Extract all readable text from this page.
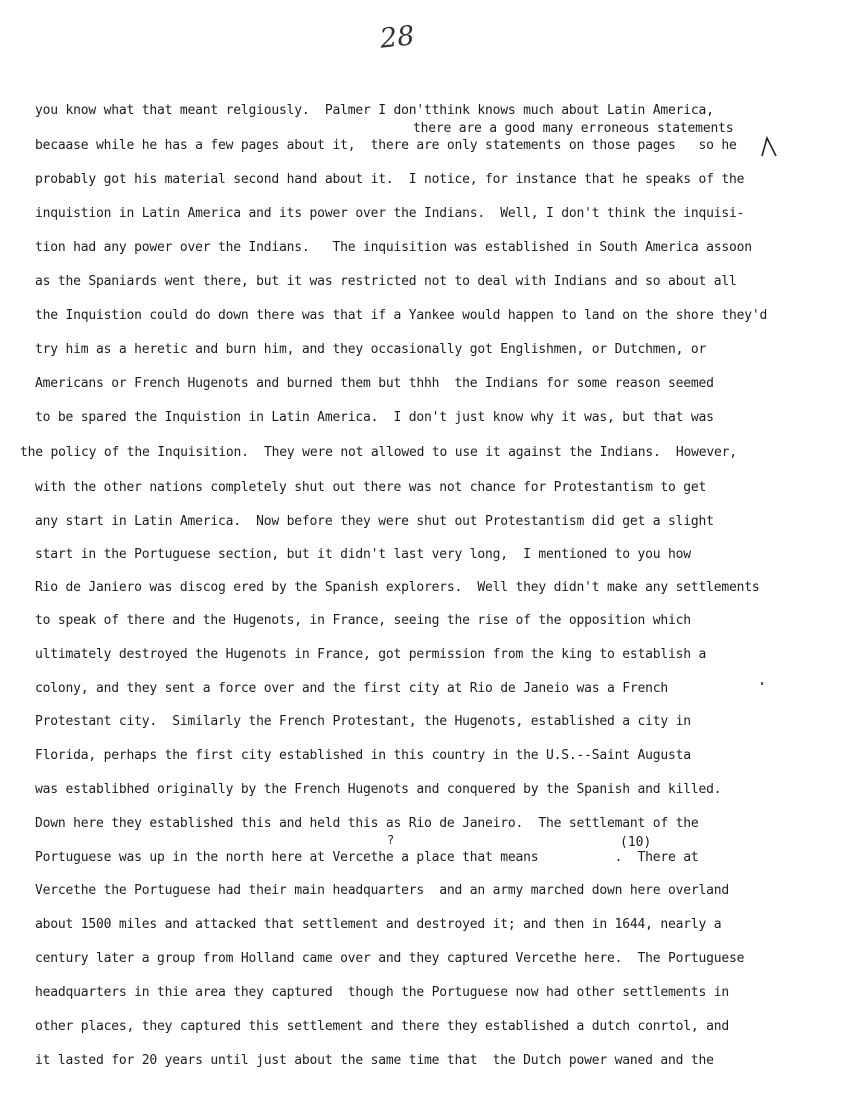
28
there are a good many erroneous statements
you know what that meant relgiously.  Palmer I don'tthink knows much about Latin America,
becaase while he has a few pages about it,  there are only statements on those pages   so he
probably got his material second hand about it.  I notice, for instance that he speaks of the
inquistion in Latin America and its power over the Indians.  Well, I don't think the inquisi-
tion had any power over the Indians.   The inquisition was established in South America assoon
as the Spaniards went there, but it was restricted not to deal with Indians and so about all
the Inquistion could do down there was that if a Yankee would happen to land on the shore they'd
try him as a heretic and burn him, and they occasionally got Englishmen, or Dutchmen, or
Americans or French Hugenots and burned them but thhh  the Indians for some reason seemed
to be spared the Inquistion in Latin America.  I don't just know why it was, but that was
the policy of the Inquisition.  They were not allowed to use it against the Indians.  However,
with the other nations completely shut out there was not chance for Protestantism to get
any start in Latin America.  Now before they were shut out Protestantism did get a slight
start in the Portuguese section, but it didn't last very long,  I mentioned to you how
Rio de Janiero was discog ered by the Spanish explorers.  Well they didn't make any settlements
to speak of there and the Hugenots, in France, seeing the rise of the opposition which
ultimately destroyed the Hugenots in France, got permission from the king to establish a
colony, and they sent a force over and the first city at Rio de Janeio was a French
Protestant city.  Similarly the French Protestant, the Hugenots, established a city in
Florida, perhaps the first city established in this country in the U.S.--Saint Augusta
was establibhed originally by the French Hugenots and conquered by the Spanish and killed.
Down here they established this and held this as Rio de Janeiro.  The settlemant of the
Portuguese was up in the north here at Vercethe a place that means          .  There at
Vercethe the Portuguese had their main headquarters  and an army marched down here overland
about 1500 miles and attacked that settlement and destroyed it; and then in 1644, nearly a
century later a group from Holland came over and they captured Vercethe here.  The Portuguese
headquarters in thie area they captured  though the Portuguese now had other settlements in
other places, they captured this settlement and there they established a dutch conrtol, and
it lasted for 20 years until just about the same time that  the Dutch power waned and the
?	(10)
